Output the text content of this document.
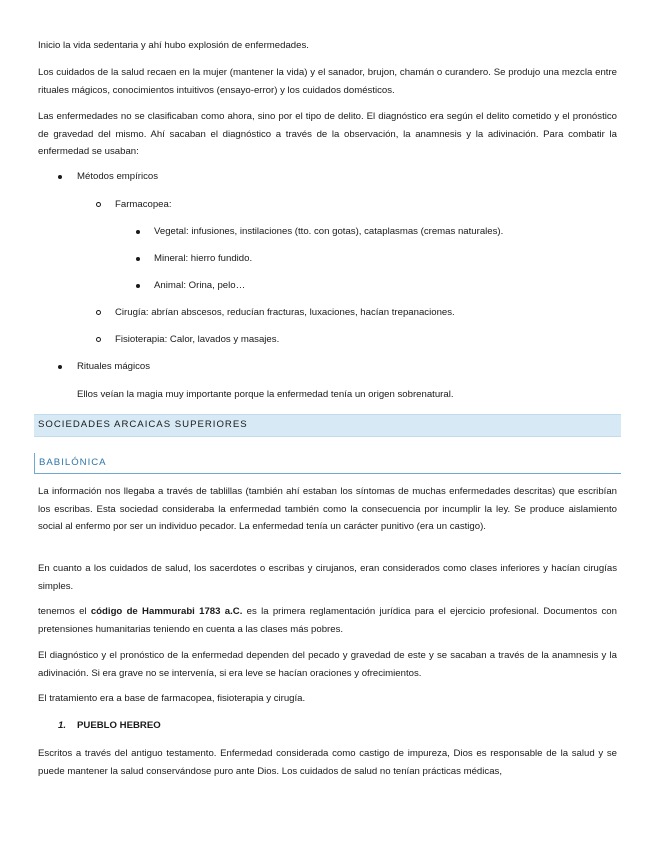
Inicio la vida sedentaria y ahí hubo explosión de enfermedades.
Los cuidados de la salud recaen en la mujer (mantener la vida) y el sanador, brujon, chamán o curandero. Se produjo una mezcla entre rituales mágicos, conocimientos intuitivos (ensayo-error) y los cuidados domésticos.
Las enfermedades no se clasificaban como ahora, sino por el tipo de delito. El diagnóstico era según el delito cometido y el pronóstico de gravedad del mismo. Ahí sacaban el diagnóstico a través de la observación, la anamnesis y la adivinación. Para combatir la enfermedad se usaban:
Métodos empíricos
Farmacopea:
Vegetal: infusiones, instilaciones (tto. con gotas), cataplasmas (cremas naturales).
Mineral: hierro fundido.
Animal: Orina, pelo…
Cirugía: abrían abscesos, reducían fracturas, luxaciones, hacían trepanaciones.
Fisioterapia: Calor, lavados y masajes.
Rituales mágicos
Ellos veían la magia muy importante porque la enfermedad tenía un origen sobrenatural.
SOCIEDADES ARCAICAS SUPERIORES
BABILÓNICA
La información nos llegaba a través de tablillas (también ahí estaban los síntomas de muchas enfermedades descritas) que escribían los escribas. Esta sociedad consideraba la enfermedad también como la consecuencia por incumplir la ley. Se produce aislamiento social al enfermo por ser un individuo pecador. La enfermedad tenía un carácter punitivo (era un castigo).
En cuanto a los cuidados de salud, los sacerdotes o escribas y cirujanos, eran considerados como clases inferiores y hacían cirugías simples.
tenemos el código de Hammurabi 1783 a.C. es la primera reglamentación jurídica para el ejercicio profesional. Documentos con pretensiones humanitarias teniendo en cuenta a las clases más pobres.
El diagnóstico y el pronóstico de la enfermedad dependen del pecado y gravedad de este y se sacaban a través de la anamnesis y la adivinación. Si era grave no se intervenía, si era leve se hacían oraciones y ofrecimientos.
El tratamiento era a base de farmacopea, fisioterapia y cirugía.
1. PUEBLO HEBREO
Escritos a través del antiguo testamento. Enfermedad considerada como castigo de impureza, Dios es responsable de la salud y se puede mantener la salud conservándose puro ante Dios. Los cuidados de salud no tenían prácticas médicas,
